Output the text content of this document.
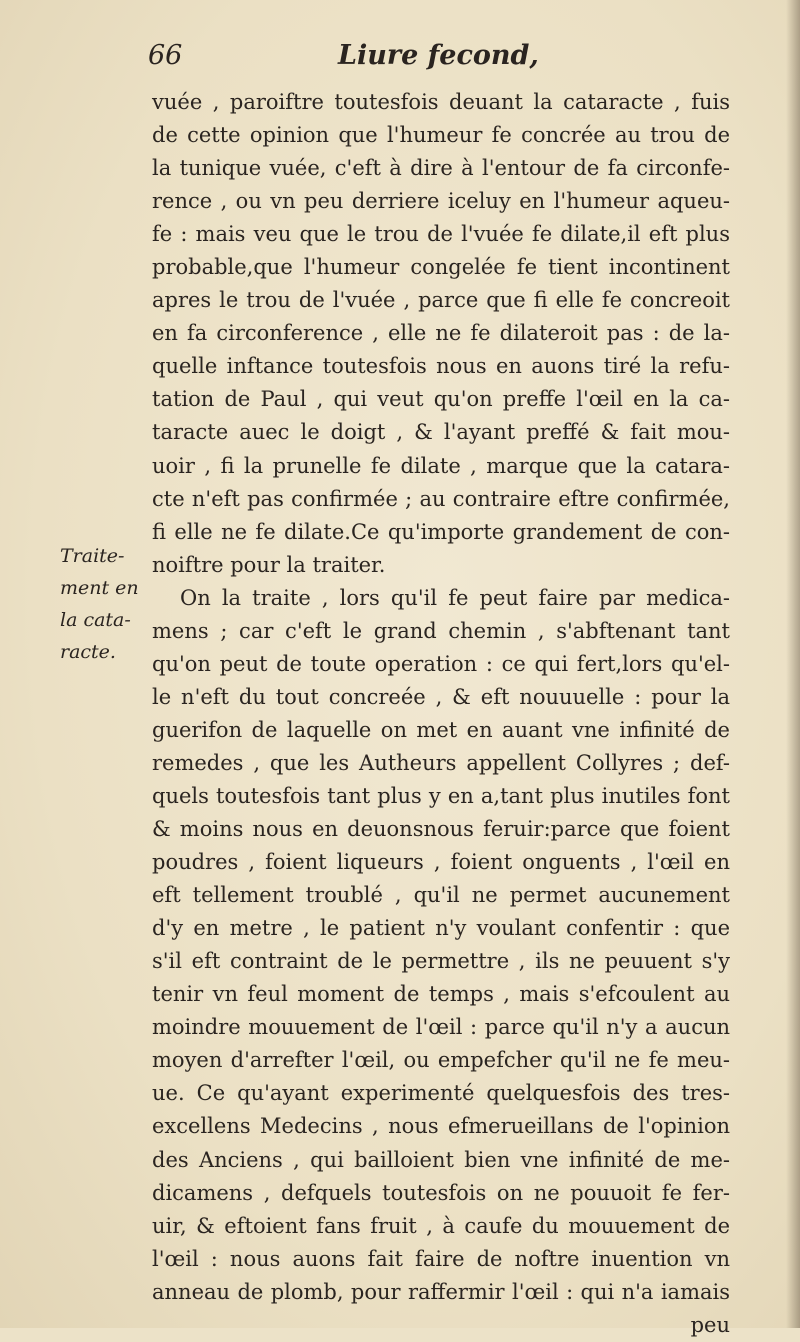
66	Liure fecond,
Traite-
ment en
la cata-
racte.
vuée , paroiftre toutesfois deuant la cataracte , fuis
de cette opinion que l'humeur fe concrée au trou de
la tunique vuée, c'eft à dire à l'entour de fa circonfe-
rence , ou vn peu derriere iceluy en l'humeur aqueu-
fe : mais veu que le trou de l'vuée fe dilate,il eft plus
probable,que l'humeur congelée fe tient incontinent
apres le trou de l'vuée , parce que fi elle fe concreoit
en fa circonference , elle ne fe dilateroit pas : de la-
quelle inftance toutesfois nous en auons tiré la refu-
tation de Paul , qui veut qu'on preffe l'œil en la ca-
taracte auec le doigt , & l'ayant preffé & fait mou-
uoir , fi la prunelle fe dilate , marque que la catara-
cte n'eft pas confirmée ; au contraire eftre confirmée,
fi elle ne fe dilate.Ce qu'importe grandement de con-
noiftre pour la traiter.
On la traite , lors qu'il fe peut faire par medica-
mens ; car c'eft le grand chemin , s'abftenant tant
qu'on peut de toute operation : ce qui fert,lors qu'el-
le n'eft du tout concreée , & eft nouuuelle : pour la
guerifon de laquelle on met en auant vne infinité de
remedes , que les Autheurs appellent Collyres ; def-
quels toutesfois tant plus y en a,tant plus inutiles font
& moins nous en deuonsnous feruir:parce que foient
poudres , foient liqueurs , foient onguents , l'œil en
eft tellement troublé , qu'il ne permet aucunement
d'y en metre , le patient n'y voulant confentir : que
s'il eft contraint de le permettre , ils ne peuuent s'y
tenir vn feul moment de temps , mais s'efcoulent au
moindre mouuement de l'œil : parce qu'il n'y a aucun
moyen d'arrefter l'œil, ou empefcher qu'il ne fe meu-
ue. Ce qu'ayant experimenté quelquesfois des tres-
excellens Medecins , nous efmerueillans de l'opinion
des Anciens , qui bailloient bien vne infinité de me-
dicamens , defquels toutesfois on ne pouuoit fe fer-
uir, & eftoient fans fruit , à caufe du mouuement de
l'œil : nous auons fait faire de noftre inuention vn
anneau de plomb, pour raffermir l'œil : qui n'a iamais
peu
